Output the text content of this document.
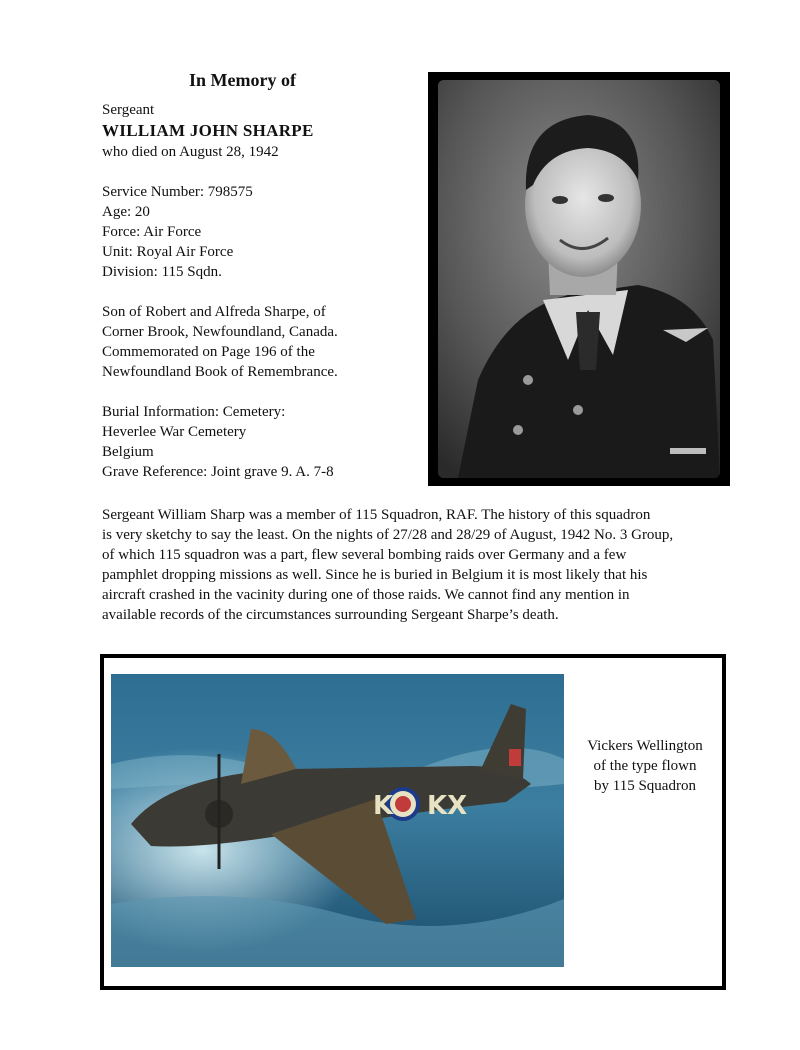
In Memory of
Sergeant
WILLIAM JOHN SHARPE
who died on August 28, 1942
Service Number: 798575
Age: 20
Force: Air Force
Unit: Royal Air Force
Division: 115 Sqdn.
Son of Robert and Alfreda Sharpe, of
Corner Brook, Newfoundland, Canada.
Commemorated on Page 196 of the
Newfoundland Book of Remembrance.
Burial Information: Cemetery:
Heverlee War Cemetery
Belgium
Grave Reference: Joint grave 9. A. 7-8
Sergeant William Sharp was a member of 115 Squadron, RAF. The history of this squadron
is very sketchy to say the least. On the nights of 27/28 and 28/29 of August, 1942 No. 3 Group,
of which 115 squadron was a part, flew several bombing raids over Germany and a few
pamphlet dropping missions as well. Since he is buried in Belgium it is most likely that his
aircraft crashed in the vacinity during one of those raids. We cannot find any mention in
available records of the circumstances surrounding Sergeant Sharpe’s death.
K KX
Vickers Wellington
of the type flown
by 115 Squadron
